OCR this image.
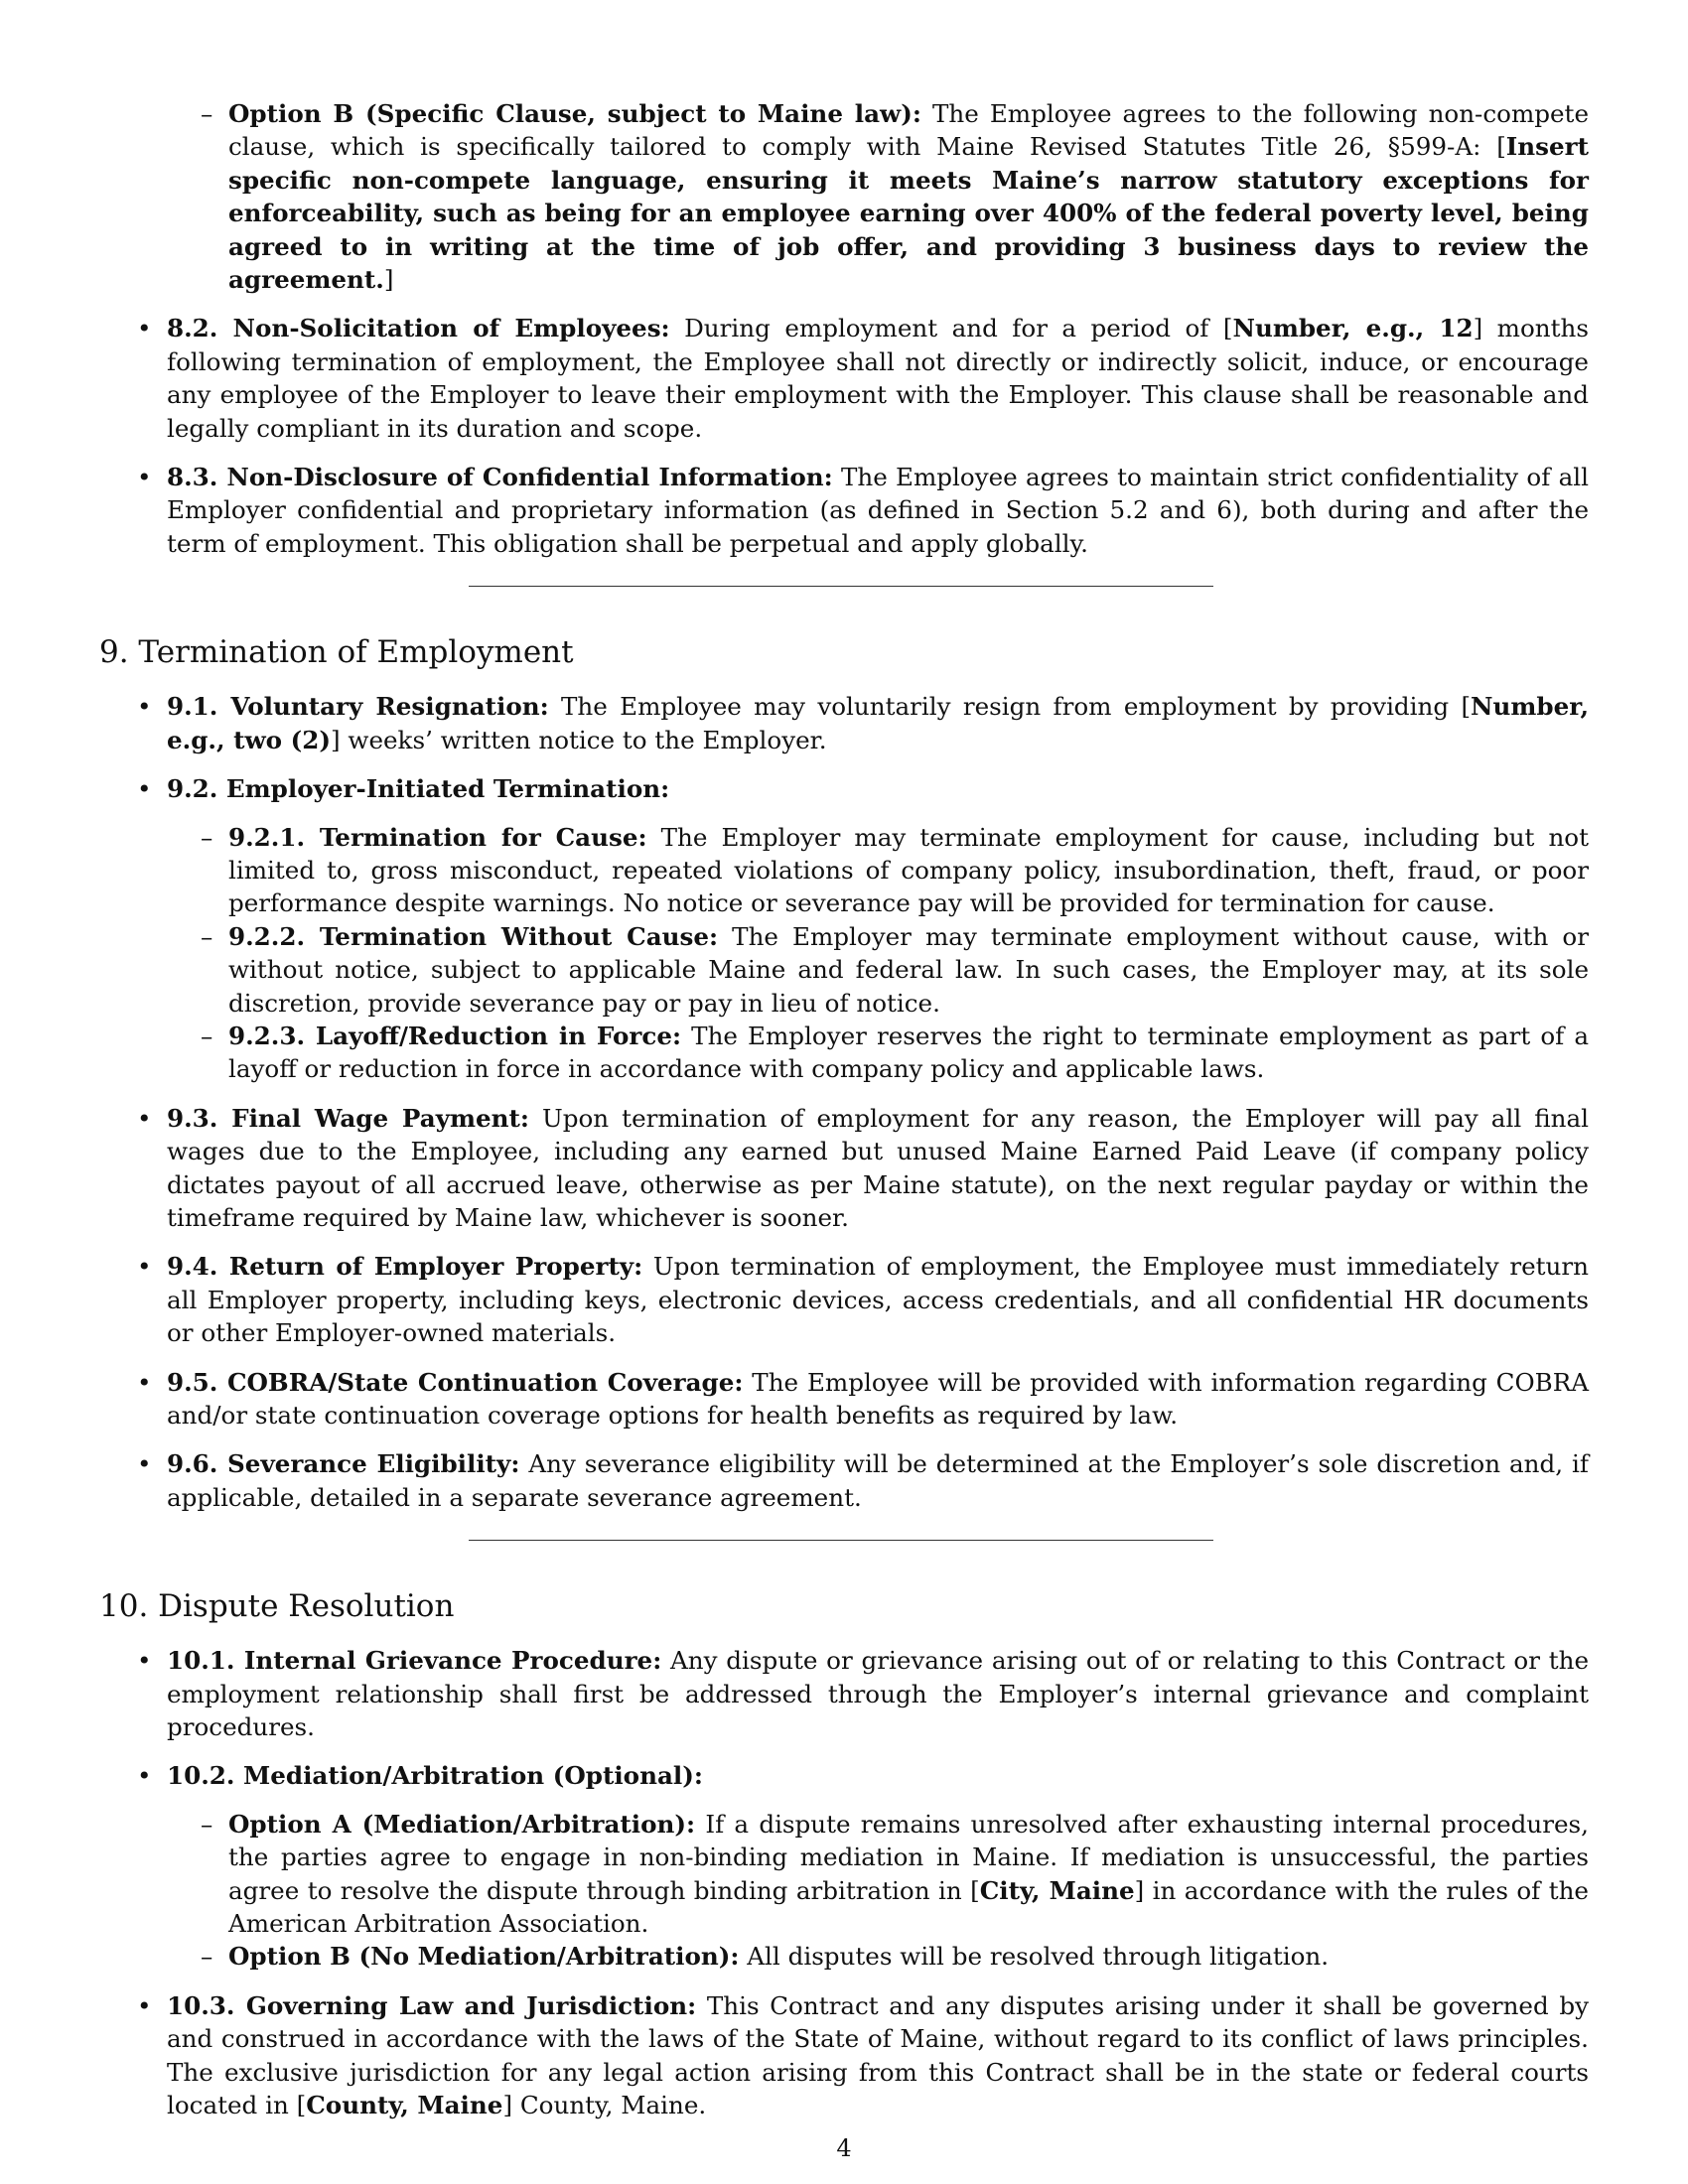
– Option B (Specific Clause, subject to Maine law): The Employee agrees to the following non-compete clause, which is specifically tailored to comply with Maine Revised Statutes Title 26, §599-A: [Insert specific non-compete language, ensuring it meets Maine’s narrow statutory exceptions for enforceability, such as being for an employee earning over 400% of the federal poverty level, being agreed to in writing at the time of job offer, and providing 3 business days to review the agreement.]

• 8.2. Non-Solicitation of Employees: During employment and for a period of [Number, e.g., 12] months following termination of employment, the Employee shall not directly or indirectly solicit, induce, or encourage any employee of the Employer to leave their employment with the Employer. This clause shall be reasonable and legally compliant in its duration and scope.

• 8.3. Non-Disclosure of Confidential Information: The Employee agrees to maintain strict confidentiality of all Employer confidential and proprietary information (as defined in Section 5.2 and 6), both during and after the term of employment. This obligation shall be perpetual and apply globally.

9. Termination of Employment
• 9.1. Voluntary Resignation: The Employee may voluntarily resign from employment by providing [Number, e.g., two (2)] weeks’ written notice to the Employer.

• 9.2. Employer-Initiated Termination:

– 9.2.1. Termination for Cause: The Employer may terminate employment for cause, including but not limited to, gross misconduct, repeated violations of company policy, insubordination, theft, fraud, or poor performance despite warnings. No notice or severance pay will be provided for termination for cause.

– 9.2.2. Termination Without Cause: The Employer may terminate employment without cause, with or without notice, subject to applicable Maine and federal law. In such cases, the Employer may, at its sole discretion, provide severance pay or pay in lieu of notice.

– 9.2.3. Layoff/Reduction in Force: The Employer reserves the right to terminate employment as part of a layoff or reduction in force in accordance with company policy and applicable laws.

• 9.3. Final Wage Payment: Upon termination of employment for any reason, the Employer will pay all final wages due to the Employee, including any earned but unused Maine Earned Paid Leave (if company policy dictates payout of all accrued leave, otherwise as per Maine statute), on the next regular payday or within the timeframe required by Maine law, whichever is sooner.

• 9.4. Return of Employer Property: Upon termination of employment, the Employee must immediately return all Employer property, including keys, electronic devices, access credentials, and all confidential HR documents or other Employer-owned materials.

• 9.5. COBRA/State Continuation Coverage: The Employee will be provided with information regarding COBRA and/or state continuation coverage options for health benefits as required by law.

• 9.6. Severance Eligibility: Any severance eligibility will be determined at the Employer’s sole discretion and, if applicable, detailed in a separate severance agreement.

10. Dispute Resolution
• 10.1. Internal Grievance Procedure: Any dispute or grievance arising out of or relating to this Contract or the employment relationship shall first be addressed through the Employer’s internal grievance and complaint procedures.

• 10.2. Mediation/Arbitration (Optional):

– Option A (Mediation/Arbitration): If a dispute remains unresolved after exhausting internal procedures, the parties agree to engage in non-binding mediation in Maine. If mediation is unsuccessful, the parties agree to resolve the dispute through binding arbitration in [City, Maine] in accordance with the rules of the American Arbitration Association.

– Option B (No Mediation/Arbitration): All disputes will be resolved through litigation.

• 10.3. Governing Law and Jurisdiction: This Contract and any disputes arising under it shall be governed by and construed in accordance with the laws of the State of Maine, without regard to its conflict of laws principles. The exclusive jurisdiction for any legal action arising from this Contract shall be in the state or federal courts located in [County, Maine] County, Maine.

4
